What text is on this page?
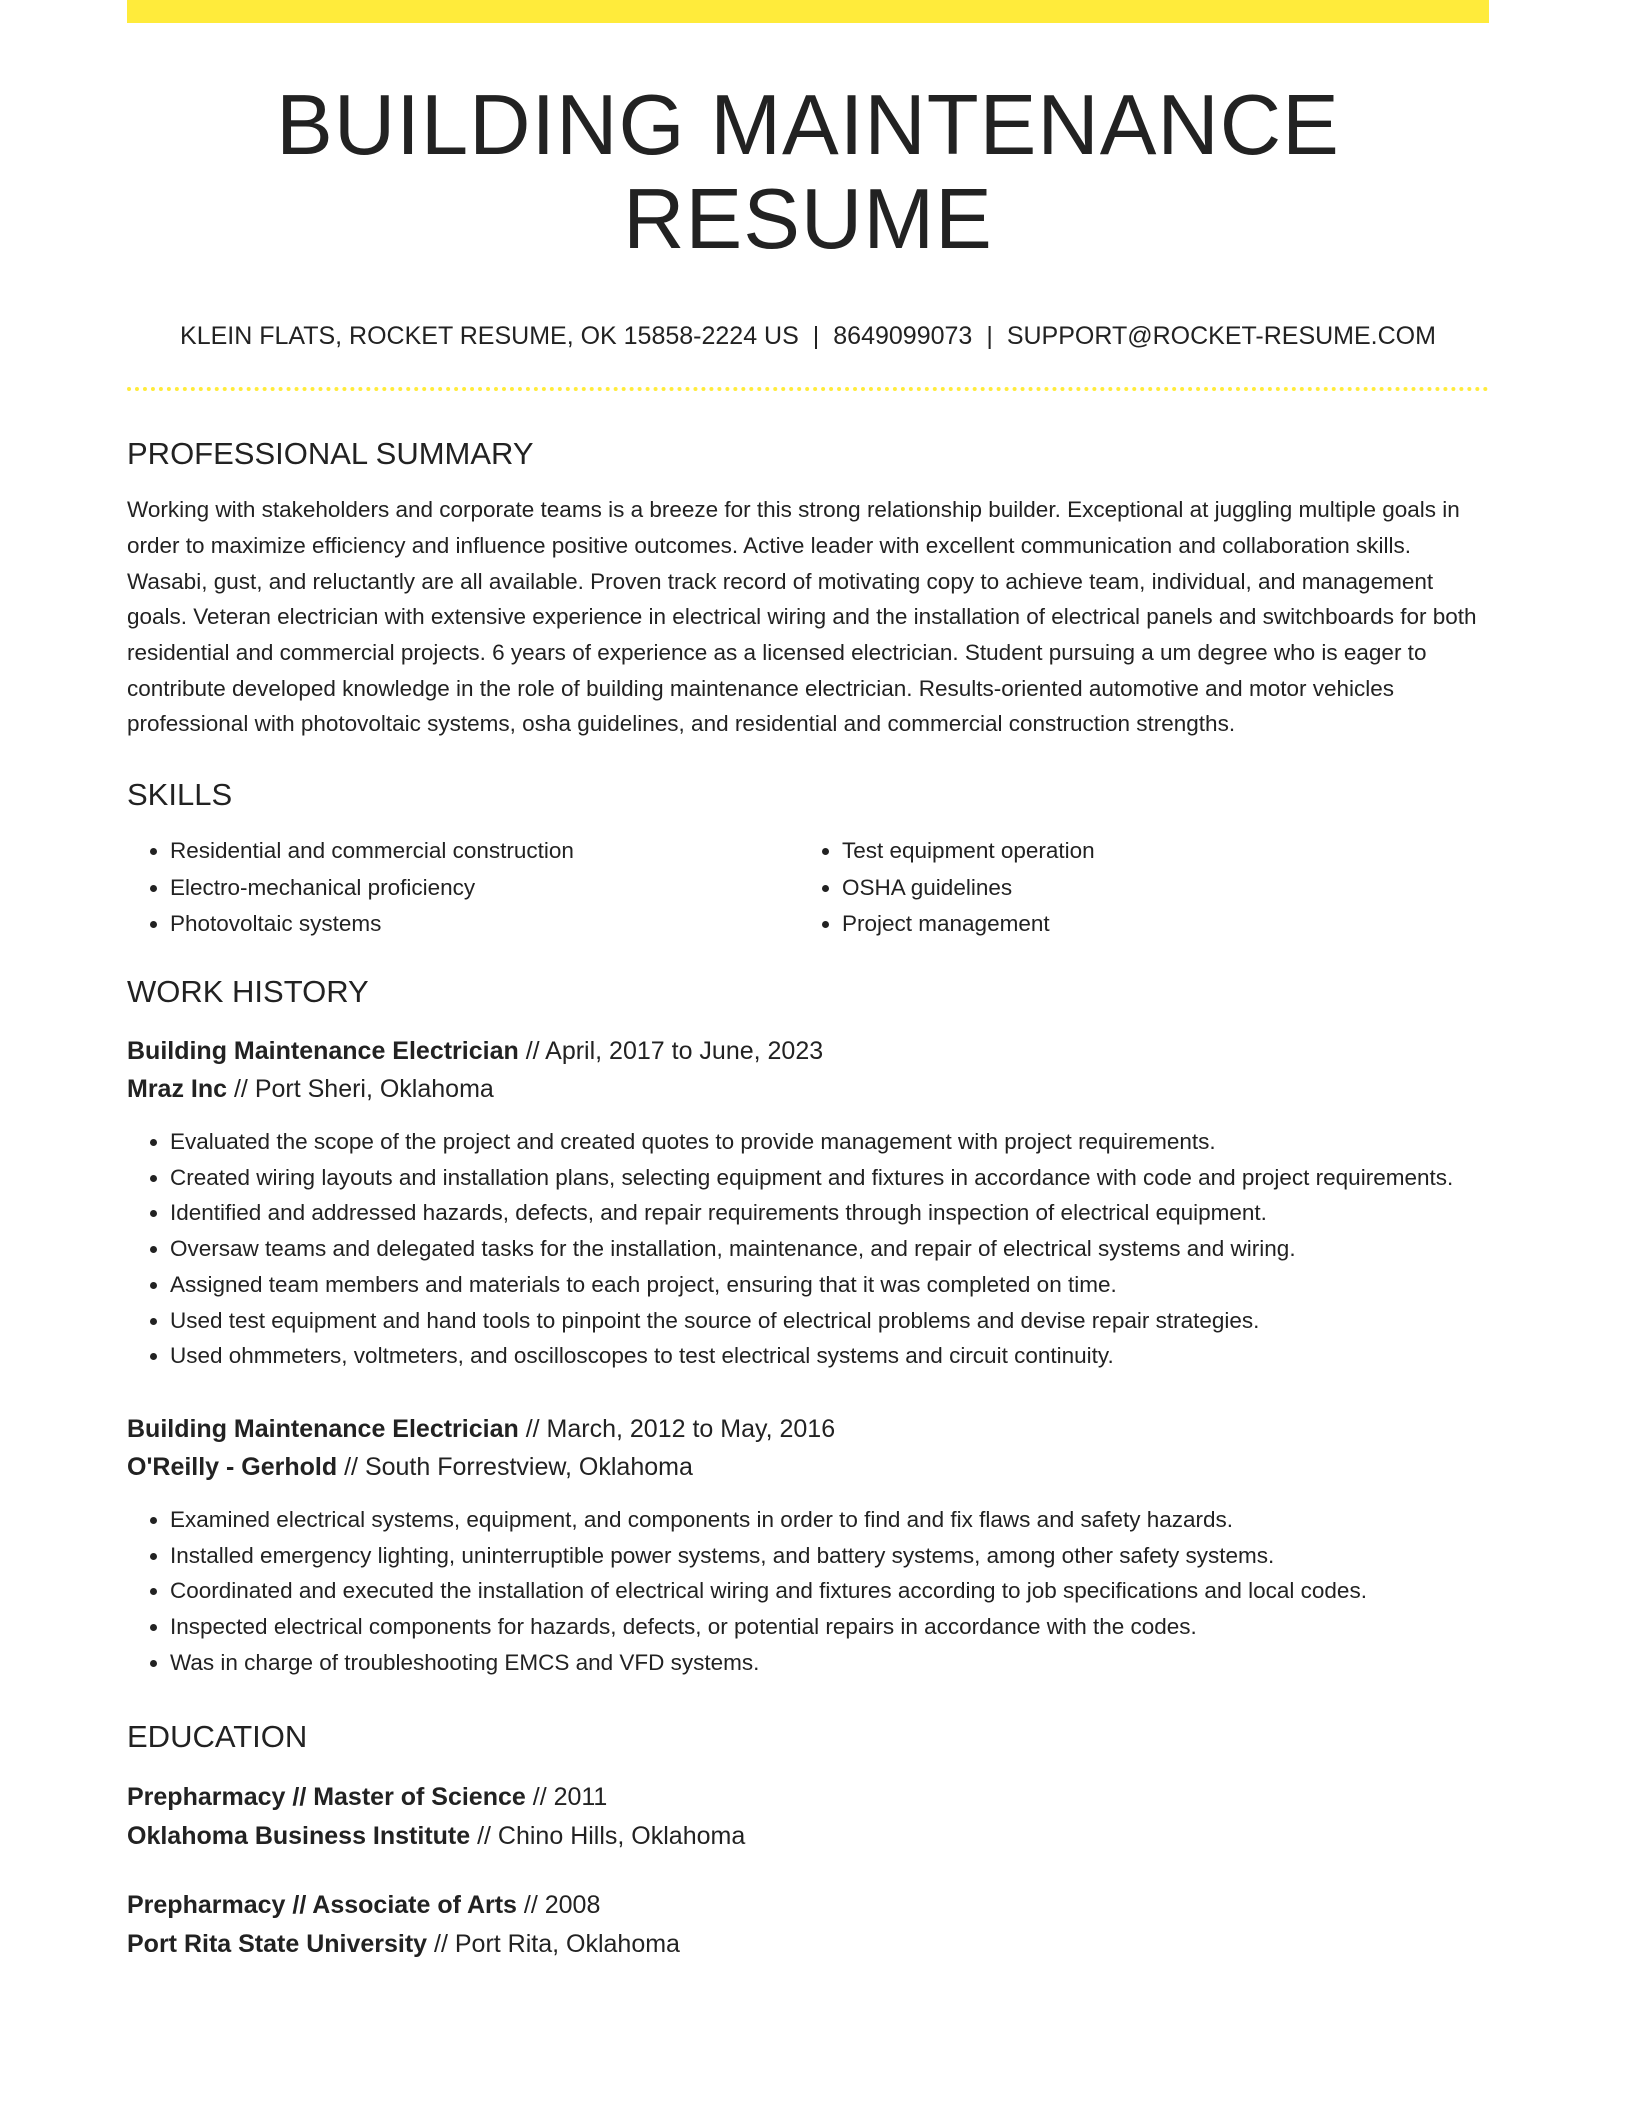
BUILDING MAINTENANCE RESUME
KLEIN FLATS, ROCKET RESUME, OK 15858-2224 US | 8649099073 | SUPPORT@ROCKET-RESUME.COM
PROFESSIONAL SUMMARY

Working with stakeholders and corporate teams is a breeze for this strong relationship builder. Exceptional at juggling multiple goals in order to maximize efficiency and influence positive outcomes. Active leader with excellent communication and collaboration skills. Wasabi, gust, and reluctantly are all available. Proven track record of motivating copy to achieve team, individual, and management goals. Veteran electrician with extensive experience in electrical wiring and the installation of electrical panels and switchboards for both residential and commercial projects. 6 years of experience as a licensed electrician. Student pursuing a um degree who is eager to contribute developed knowledge in the role of building maintenance electrician. Results-oriented automotive and motor vehicles professional with photovoltaic systems, osha guidelines, and residential and commercial construction strengths.

SKILLS
• Residential and commercial construction
• Electro-mechanical proficiency
• Photovoltaic systems
• Test equipment operation
• OSHA guidelines
• Project management
WORK HISTORY
Building Maintenance Electrician // April, 2017 to June, 2023
Mraz Inc // Port Sheri, Oklahoma
• Evaluated the scope of the project and created quotes to provide management with project requirements.
• Created wiring layouts and installation plans, selecting equipment and fixtures in accordance with code and project requirements.
• Identified and addressed hazards, defects, and repair requirements through inspection of electrical equipment.
• Oversaw teams and delegated tasks for the installation, maintenance, and repair of electrical systems and wiring.
• Assigned team members and materials to each project, ensuring that it was completed on time.
• Used test equipment and hand tools to pinpoint the source of electrical problems and devise repair strategies.
• Used ohmmeters, voltmeters, and oscilloscopes to test electrical systems and circuit continuity.
Building Maintenance Electrician // March, 2012 to May, 2016
O'Reilly - Gerhold // South Forrestview, Oklahoma
• Examined electrical systems, equipment, and components in order to find and fix flaws and safety hazards.
• Installed emergency lighting, uninterruptible power systems, and battery systems, among other safety systems.
• Coordinated and executed the installation of electrical wiring and fixtures according to job specifications and local codes.
• Inspected electrical components for hazards, defects, or potential repairs in accordance with the codes.
• Was in charge of troubleshooting EMCS and VFD systems.
EDUCATION
Prepharmacy // Master of Science // 2011
Oklahoma Business Institute // Chino Hills, Oklahoma
Prepharmacy // Associate of Arts // 2008
Port Rita State University // Port Rita, Oklahoma
